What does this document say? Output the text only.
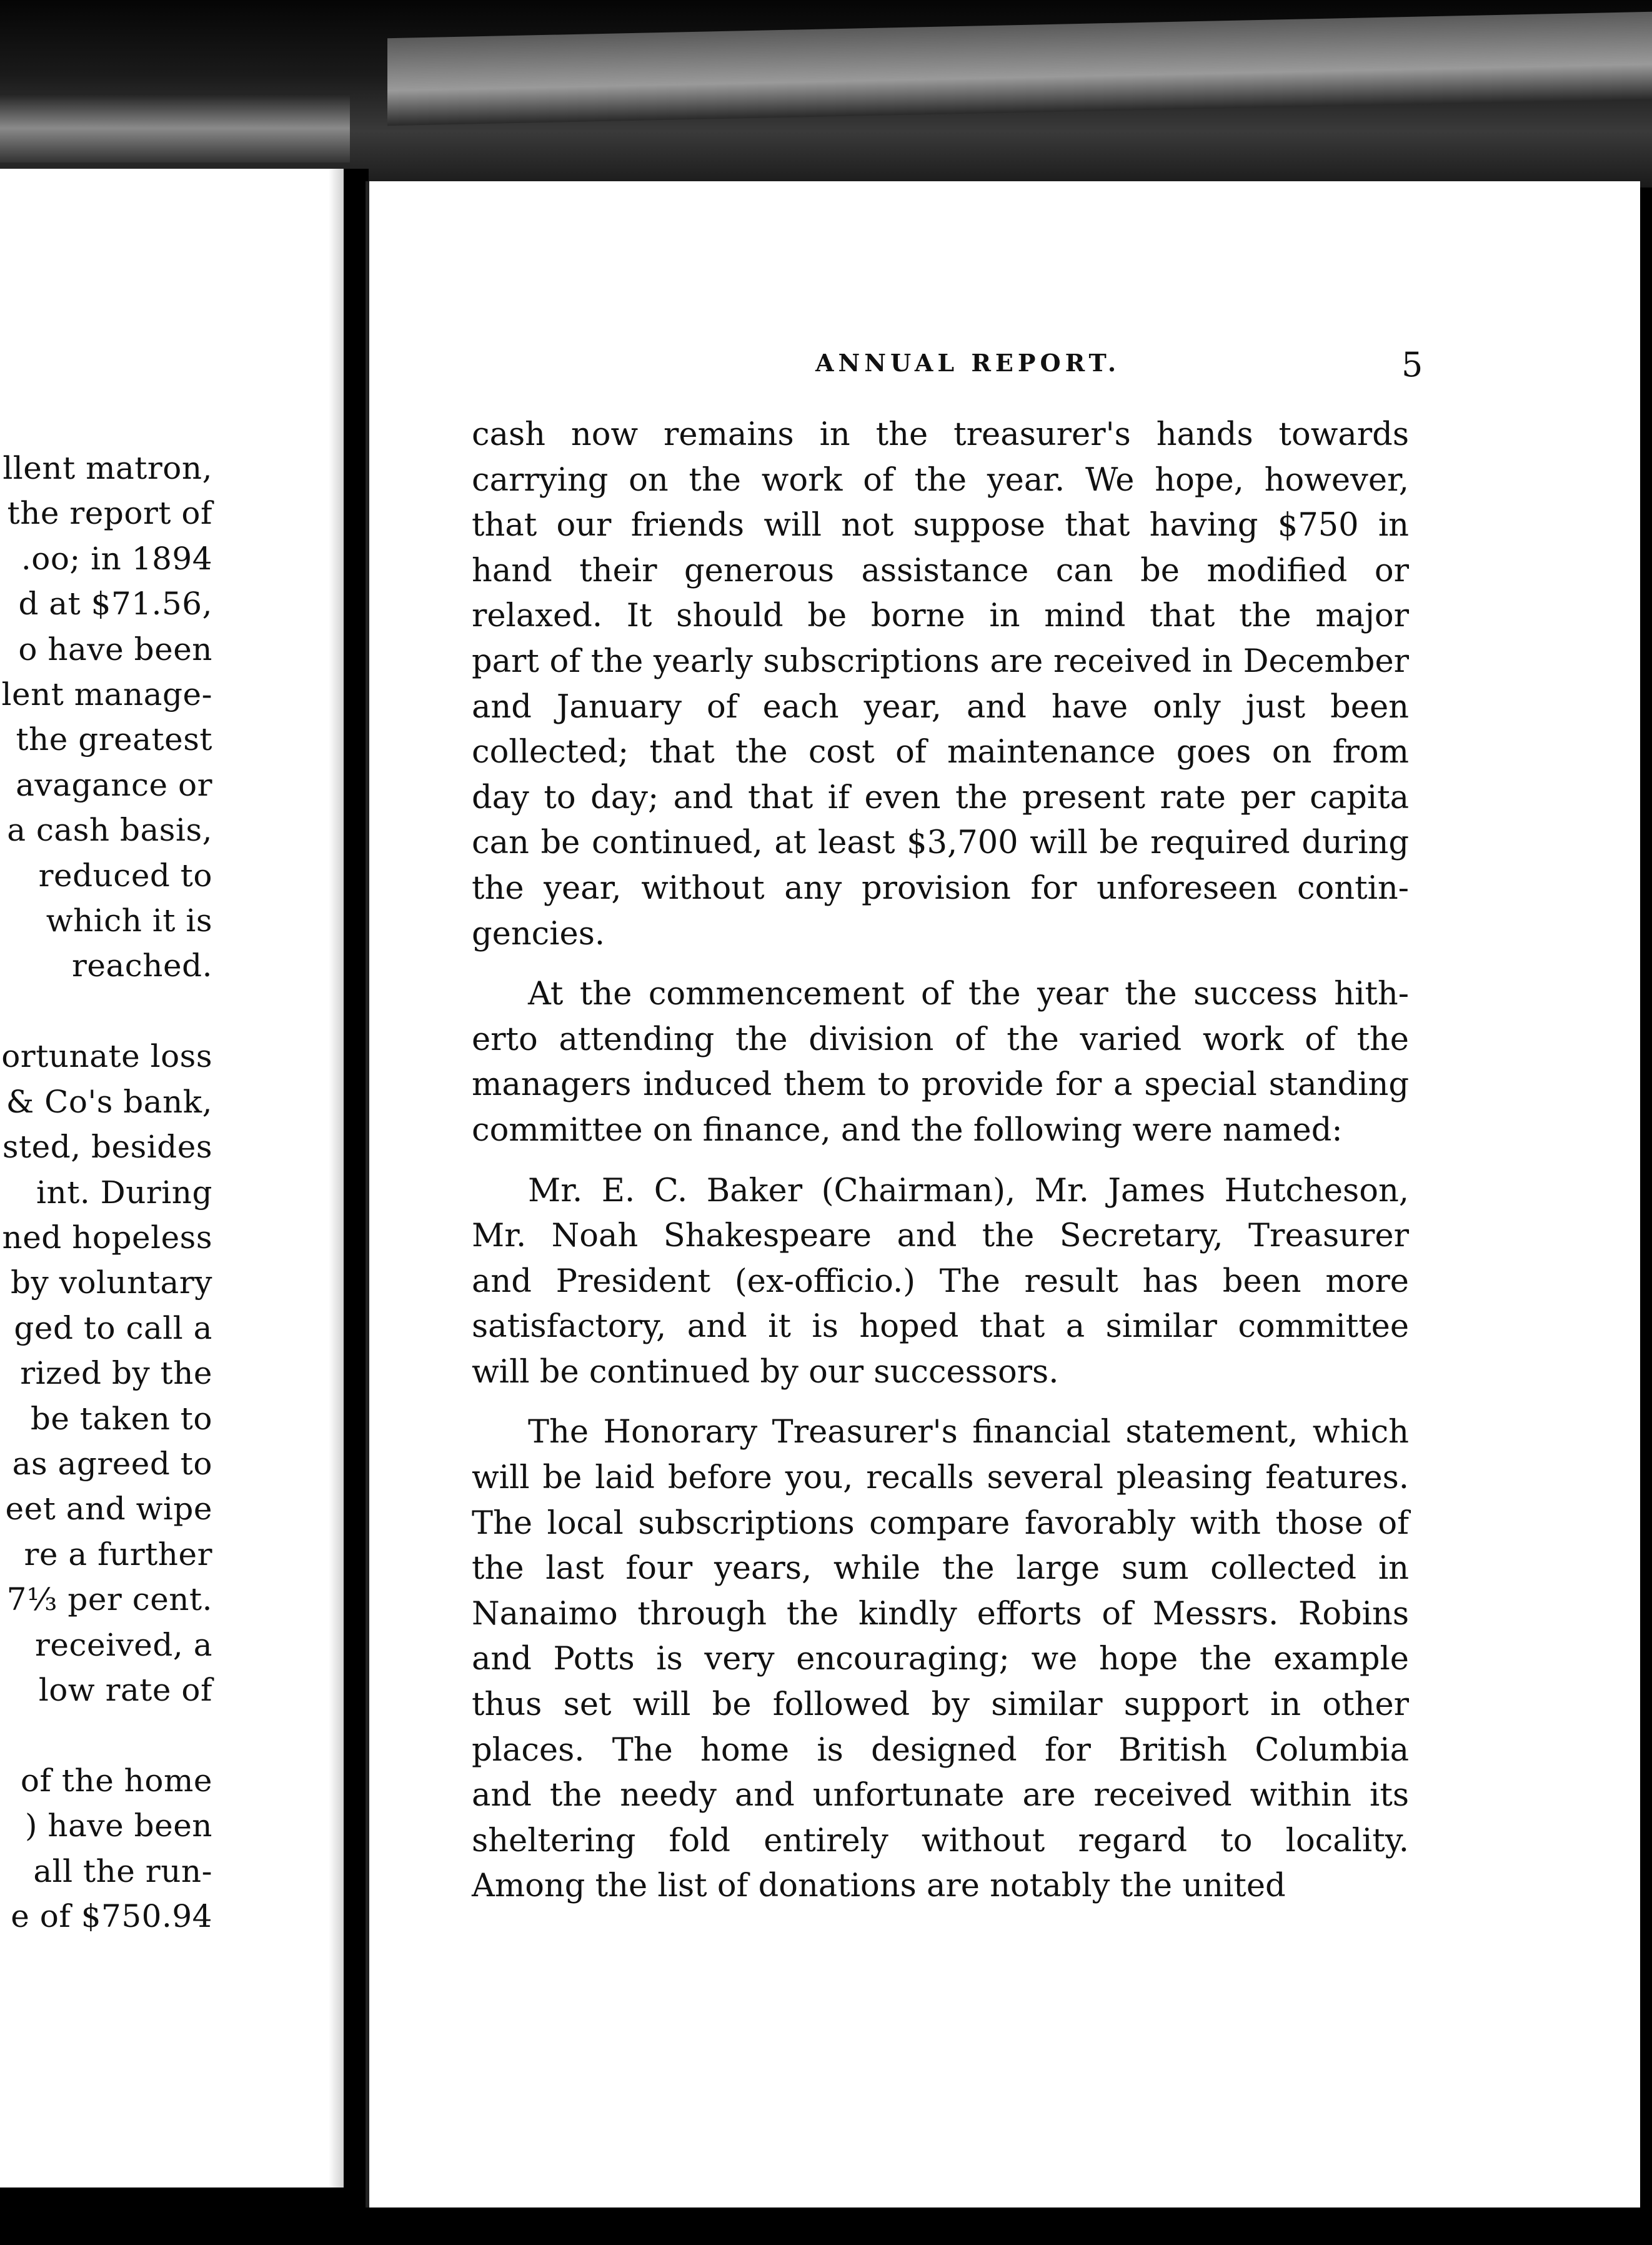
llent matron,
the report of
.oo; in 1894
d at $71.56,
o have been
lent manage-
the greatest
avagance or
a cash basis,
reduced to
which it is
reached.

ortunate loss
& Co's bank,
sted, besides
int. During
ned hopeless
by voluntary
ged to call a
rized by the
be taken to
as agreed to
eet and wipe
re a further
7⅓ per cent.
received, a
low rate of

of the home
) have been
all the run-
e of $750.94
ANNUAL REPORT.	5
cash now remains in the treasurer's hands towards
carrying on the work of the year. We hope, however,
that our friends will not suppose that having $750 in
hand their generous assistance can be modified or
relaxed. It should be borne in mind that the major
part of the yearly subscriptions are received in December
and January of each year, and have only just been
collected; that the cost of maintenance goes on from
day to day; and that if even the present rate per capita
can be continued, at least $3,700 will be required during
the year, without any provision for unforeseen contin-
gencies.
At the commencement of the year the success hith-
erto attending the division of the varied work of the
managers induced them to provide for a special standing
committee on finance, and the following were named:
Mr. E. C. Baker (Chairman), Mr. James Hutcheson,
Mr. Noah Shakespeare and the Secretary, Treasurer
and President (ex-officio.) The result has been more
satisfactory, and it is hoped that a similar committee
will be continued by our successors.
The Honorary Treasurer's financial statement, which
will be laid before you, recalls several pleasing features.
The local subscriptions compare favorably with those of
the last four years, while the large sum collected in
Nanaimo through the kindly efforts of Messrs. Robins
and Potts is very encouraging; we hope the example
thus set will be followed by similar support in other
places. The home is designed for British Columbia
and the needy and unfortunate are received within its
sheltering fold entirely without regard to locality.
Among the list of donations are notably the united
